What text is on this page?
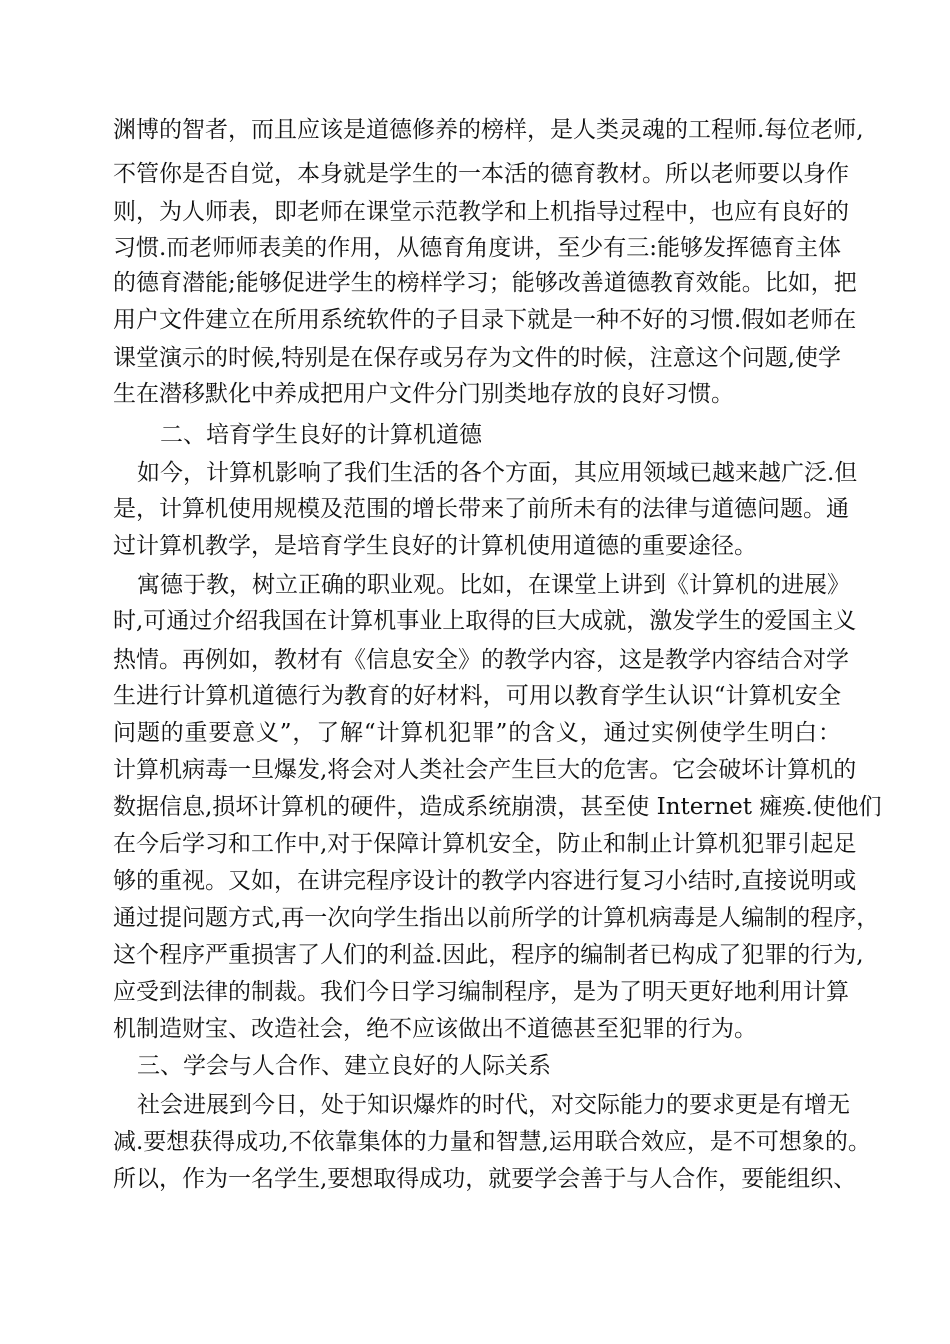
渊博的智者，而且应该是道德修养的榜样，是人类灵魂的工程师.每位老师,
不管你是否自觉，本身就是学生的一本活的德育教材。所以老师要以身作
则，为人师表，即老师在课堂示范教学和上机指导过程中，也应有良好的
习惯.而老师师表美的作用，从德育角度讲，至少有三:能够发挥德育主体
的德育潜能;能够促进学生的榜样学习；能够改善道德教育效能。比如，把
用户文件建立在所用系统软件的子目录下就是一种不好的习惯.假如老师在
课堂演示的时候,特别是在保存或另存为文件的时候，注意这个问题,使学
生在潜移默化中养成把用户文件分门别类地存放的良好习惯。
二、培育学生良好的计算机道德
如今，计算机影响了我们生活的各个方面，其应用领域已越来越广泛.但
是，计算机使用规模及范围的增长带来了前所未有的法律与道德问题。通
过计算机教学，是培育学生良好的计算机使用道德的重要途径。
寓德于教，树立正确的职业观。比如，在课堂上讲到《计算机的进展》
时,可通过介绍我国在计算机事业上取得的巨大成就，激发学生的爱国主义
热情。再例如，教材有《信息安全》的教学内容，这是教学内容结合对学
生进行计算机道德行为教育的好材料，可用以教育学生认识“计算机安全
问题的重要意义”，了解“计算机犯罪”的含义，通过实例使学生明白：
计算机病毒一旦爆发,将会对人类社会产生巨大的危害。它会破坏计算机的
数据信息,损坏计算机的硬件，造成系统崩溃，甚至使 Internet 瘫痪.使他们
在今后学习和工作中,对于保障计算机安全，防止和制止计算机犯罪引起足
够的重视。又如，在讲完程序设计的教学内容进行复习小结时,直接说明或
通过提问题方式,再一次向学生指出以前所学的计算机病毒是人编制的程序，
这个程序严重损害了人们的利益.因此，程序的编制者已构成了犯罪的行为,
应受到法律的制裁。我们今日学习编制程序，是为了明天更好地利用计算
机制造财宝、改造社会，绝不应该做出不道德甚至犯罪的行为。
三、学会与人合作、建立良好的人际关系
社会进展到今日，处于知识爆炸的时代，对交际能力的要求更是有增无
减.要想获得成功,不依靠集体的力量和智慧,运用联合效应，是不可想象的。
所以，作为一名学生,要想取得成功，就要学会善于与人合作，要能组织、
